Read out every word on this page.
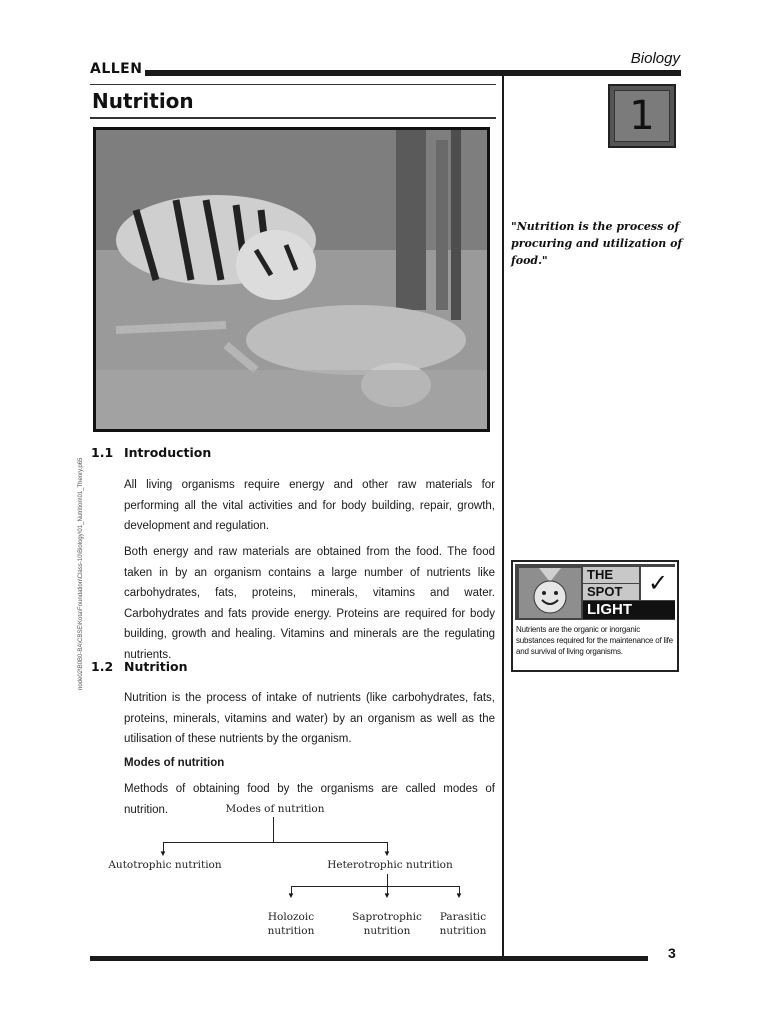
ALLEN
Biology
Nutrition	1
"Nutrition is the process of procuring and utilization of food."
1.1 Introduction
All living organisms require energy and other raw materials for performing all the vital activities and for body building, repair, growth, development and regulation.
Both energy and raw materials are obtained from the food. The food taken in by an organism contains a large number of nutrients like carbohydrates, fats, proteins, minerals, vitamins and water. Carbohydrates and fats provide energy. Proteins are required for body building, growth and healing. Vitamins and minerals are the regulating nutrients.
1.2 Nutrition
Nutrition is the process of intake of nutrients (like carbohydrates, fats, proteins, minerals, vitamins and water) by an organism as well as the utilisation of these nutrients by the organism.
Modes of nutrition
Methods of obtaining food by the organisms are called modes of nutrition.
THE
SPOT	✓
LIGHT
Nutrients are the organic or inorganic substances required for the maintenance of life and survival of living organisms.
Modes of nutrition
▼	▼
Autotrophic nutrition	Heterotrophic nutrition
▼	▼	▼
Holozoic
nutrition
Saprotrophic
nutrition
Parasitic
nutrition
node02\B0B0-BA\CBSE\Kota\Foundation\Class-10\Biology\01_Nutrition\01_Theory.p65
3
